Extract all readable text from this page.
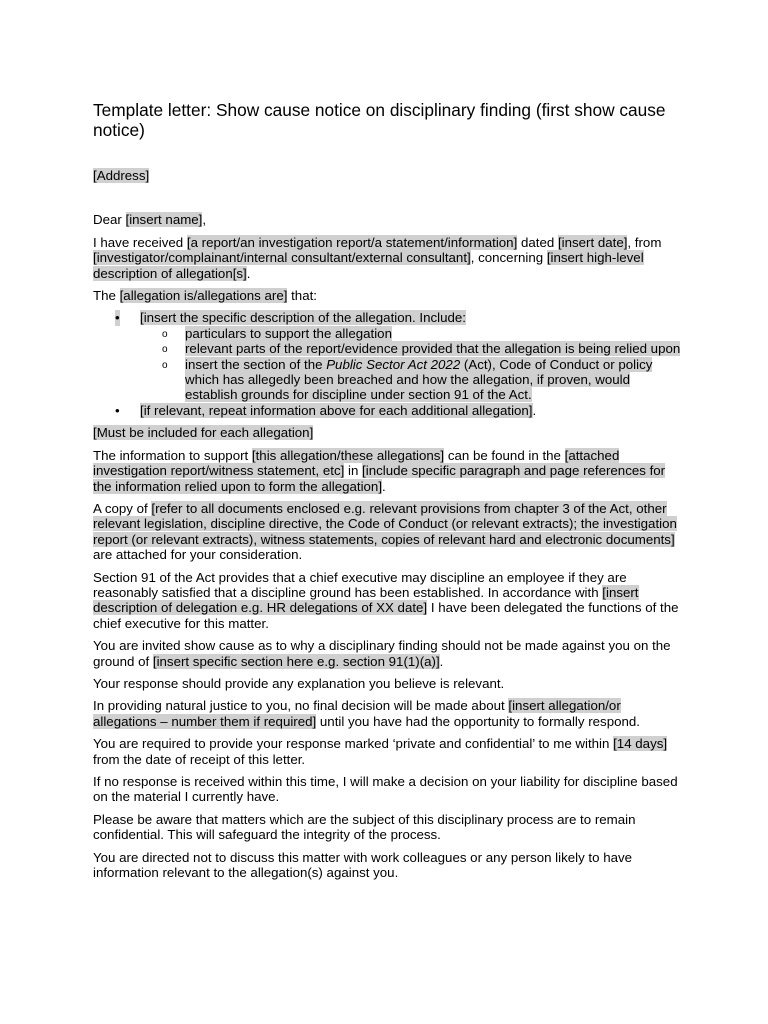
Template letter: Show cause notice on disciplinary finding (first show cause notice)

[Address]

Dear [insert name],

I have received [a report/an investigation report/a statement/information] dated [insert date], from [investigator/complainant/internal consultant/external consultant], concerning [insert high-level description of allegation[s].

The [allegation is/allegations are] that:

• [insert the specific description of the allegation. Include:
o particulars to support the allegation
o relevant parts of the report/evidence provided that the allegation is being relied upon
o insert the section of the Public Sector Act 2022 (Act), Code of Conduct or policy which has allegedly been breached and how the allegation, if proven, would establish grounds for discipline under section 91 of the Act.
• [if relevant, repeat information above for each additional allegation].

[Must be included for each allegation]

The information to support [this allegation/these allegations] can be found in the [attached investigation report/witness statement, etc] in [include specific paragraph and page references for the information relied upon to form the allegation].

A copy of [refer to all documents enclosed e.g. relevant provisions from chapter 3 of the Act, other relevant legislation, discipline directive, the Code of Conduct (or relevant extracts); the investigation report (or relevant extracts), witness statements, copies of relevant hard and electronic documents] are attached for your consideration.

Section 91 of the Act provides that a chief executive may discipline an employee if they are reasonably satisfied that a discipline ground has been established. In accordance with [insert description of delegation e.g. HR delegations of XX date] I have been delegated the functions of the chief executive for this matter.

You are invited show cause as to why a disciplinary finding should not be made against you on the ground of [insert specific section here e.g. section 91(1)(a)].

Your response should provide any explanation you believe is relevant.

In providing natural justice to you, no final decision will be made about [insert allegation/or allegations – number them if required] until you have had the opportunity to formally respond.

You are required to provide your response marked ‘private and confidential’ to me within [14 days] from the date of receipt of this letter.

If no response is received within this time, I will make a decision on your liability for discipline based on the material I currently have.

Please be aware that matters which are the subject of this disciplinary process are to remain confidential. This will safeguard the integrity of the process.

You are directed not to discuss this matter with work colleagues or any person likely to have information relevant to the allegation(s) against you.
